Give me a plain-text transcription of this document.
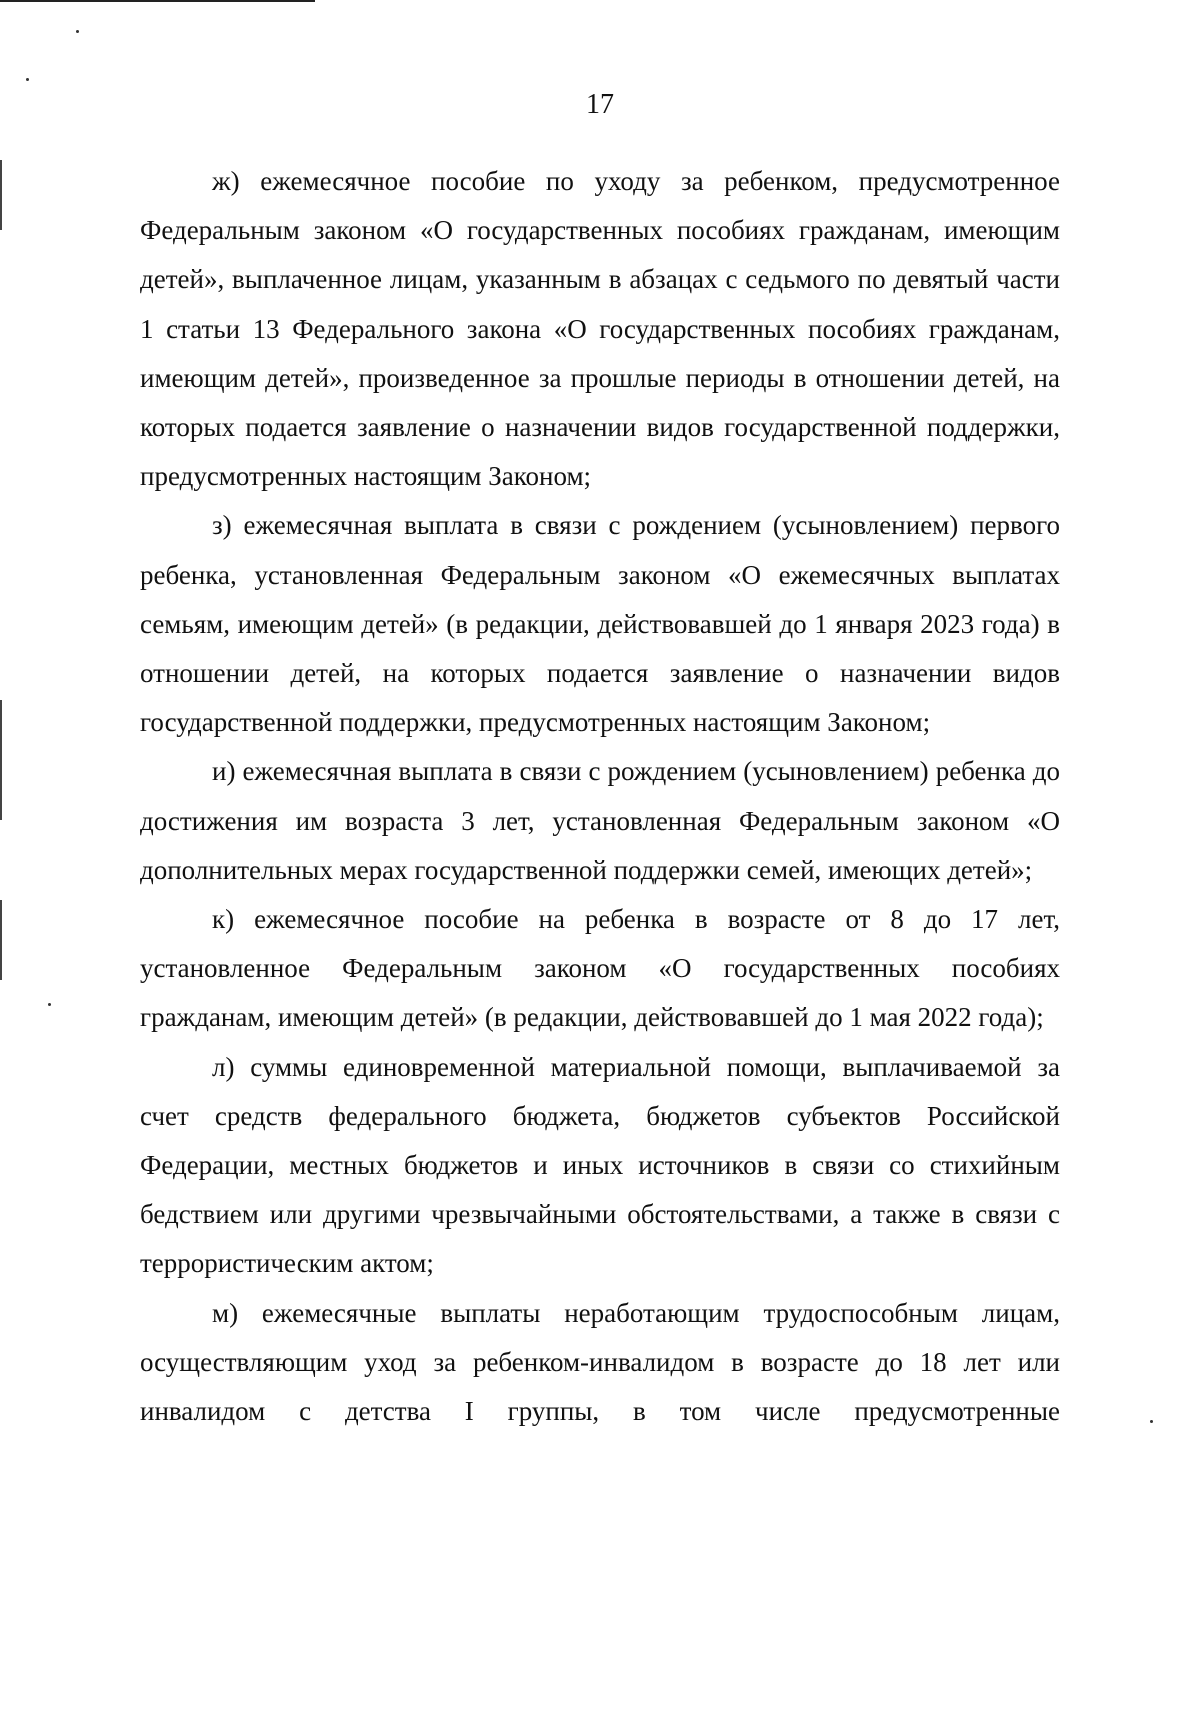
17

ж) ежемесячное пособие по уходу за ребенком, предусмотренное Федеральным законом «О государственных пособиях гражданам, имеющим детей», выплаченное лицам, указанным в абзацах с седьмого по девятый части 1 статьи 13 Федерального закона «О государственных пособиях гражданам, имеющим детей», произведенное за прошлые периоды в отношении детей, на которых подается заявление о назначении видов государственной поддержки, предусмотренных настоящим Законом;

з) ежемесячная выплата в связи с рождением (усыновлением) первого ребенка, установленная Федеральным законом «О ежемесячных выплатах семьям, имеющим детей» (в редакции, действовавшей до 1 января 2023 года) в отношении детей, на которых подается заявление о назначении видов государственной поддержки, предусмотренных настоящим Законом;

и) ежемесячная выплата в связи с рождением (усыновлением) ребенка до достижения им возраста 3 лет, установленная Федеральным законом «О дополнительных мерах государственной поддержки семей, имеющих детей»;

к) ежемесячное пособие на ребенка в возрасте от 8 до 17 лет, установленное Федеральным законом «О государственных пособиях гражданам, имеющим детей» (в редакции, действовавшей до 1 мая 2022 года);

л) суммы единовременной материальной помощи, выплачиваемой за счет средств федерального бюджета, бюджетов субъектов Российской Федерации, местных бюджетов и иных источников в связи со стихийным бедствием или другими чрезвычайными обстоятельствами, а также в связи с террористическим актом;

м) ежемесячные выплаты неработающим трудоспособным лицам, осуществляющим уход за ребенком-инвалидом в возрасте до 18 лет или инвалидом с детства I группы, в том числе предусмотренные
